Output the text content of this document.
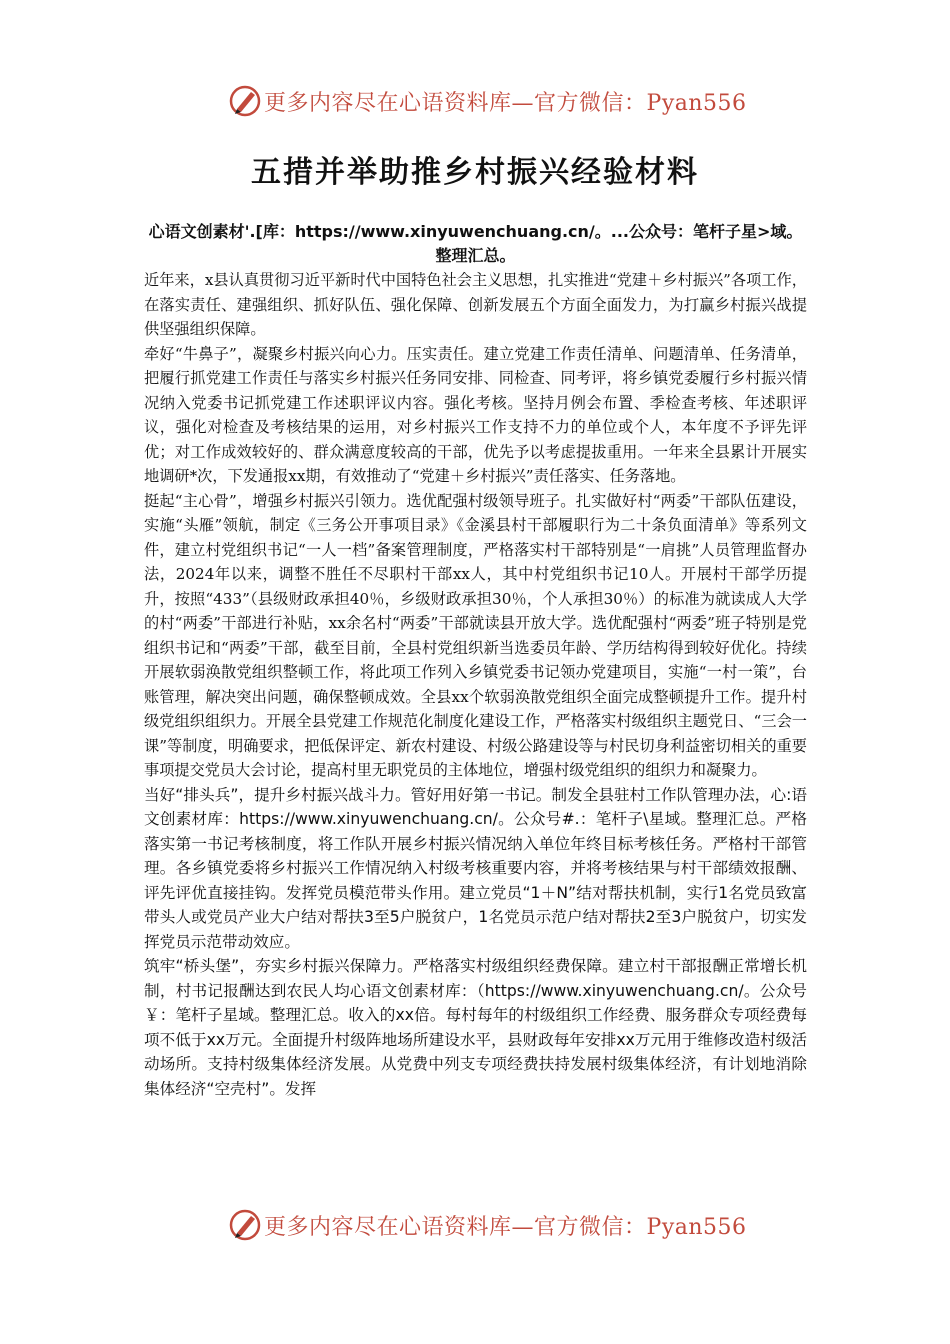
更多内容尽在心语资料库—官方微信：Pyan556
五措并举助推乡村振兴经验材料

心语文创素材'.[库：https://www.xinyuwenchuang.cn/。...公众号：笔杆子星>域。整理汇总。

近年来，x县认真贯彻习近平新时代中国特色社会主义思想，扎实推进“党建＋乡村振兴”各项工作，在落实责任、建强组织、抓好队伍、强化保障、创新发展五个方面全面发力，为打赢乡村振兴战提供坚强组织保障。

牵好“牛鼻子”，凝聚乡村振兴向心力。压实责任。建立党建工作责任清单、问题清单、任务清单，把履行抓党建工作责任与落实乡村振兴任务同安排、同检查、同考评，将乡镇党委履行乡村振兴情况纳入党委书记抓党建工作述职评议内容。强化考核。坚持月例会布置、季检查考核、年述职评议，强化对检查及考核结果的运用，对乡村振兴工作支持不力的单位或个人，本年度不予评先评优；对工作成效较好的、群众满意度较高的干部，优先予以考虑提拔重用。一年来全县累计开展实地调研*次，下发通报xx期，有效推动了“党建＋乡村振兴”责任落实、任务落地。

挺起“主心骨”，增强乡村振兴引领力。选优配强村级领导班子。扎实做好村“两委”干部队伍建设，实施“头雁”领航，制定《三务公开事项目录》《金溪县村干部履职行为二十条负面清单》等系列文件，建立村党组织书记“一人一档”备案管理制度，严格落实村干部特别是“一肩挑”人员管理监督办法，2024年以来，调整不胜任不尽职村干部xx人，其中村党组织书记10人。开展村干部学历提升，按照“433”（县级财政承担40％，乡级财政承担30％，个人承担30％）的标准为就读成人大学的村“两委”干部进行补贴，xx余名村“两委”干部就读县开放大学。选优配强村“两委”班子特别是党组织书记和“两委”干部，截至目前，全县村党组织新当选委员年龄、学历结构得到较好优化。持续开展软弱涣散党组织整顿工作，将此项工作列入乡镇党委书记领办党建项目，实施“一村一策”，台账管理，解决突出问题，确保整顿成效。全县xx个软弱涣散党组织全面完成整顿提升工作。提升村级党组织组织力。开展全县党建工作规范化制度化建设工作，严格落实村级组织主题党日、“三会一课”等制度，明确要求，把低保评定、新农村建设、村级公路建设等与村民切身利益密切相关的重要事项提交党员大会讨论，提高村里无职党员的主体地位，增强村级党组织的组织力和凝聚力。

当好“排头兵”，提升乡村振兴战斗力。管好用好第一书记。制发全县驻村工作队管理办法，心:语文创素材库：https://www.xinyuwenchuang.cn/。公众号#.：笔杆子\星域。整理汇总。严格落实第一书记考核制度，将工作队开展乡村振兴情况纳入单位年终目标考核任务。严格村干部管理。各乡镇党委将乡村振兴工作情况纳入村级考核重要内容，并将考核结果与村干部绩效报酬、评先评优直接挂钩。发挥党员模范带头作用。建立党员“1＋N”结对帮扶机制，实行1名党员致富带头人或党员产业大户结对帮扶3至5户脱贫户，1名党员示范户结对帮扶2至3户脱贫户，切实发挥党员示范带动效应。

筑牢“桥头堡”，夯实乡村振兴保障力。严格落实村级组织经费保障。建立村干部报酬正常增长机制，村书记报酬达到农民人均心语文创素材库：（https://www.xinyuwenchuang.cn/。公众号￥：笔杆子星域。整理汇总。收入的xx倍。每村每年的村级组织工作经费、服务群众专项经费每项不低于xx万元。全面提升村级阵地场所建设水平，县财政每年安排xx万元用于维修改造村级活动场所。支持村级集体经济发展。从党费中列支专项经费扶持发展村级集体经济，有计划地消除集体经济“空壳村”。发挥

更多内容尽在心语资料库—官方微信：Pyan556
